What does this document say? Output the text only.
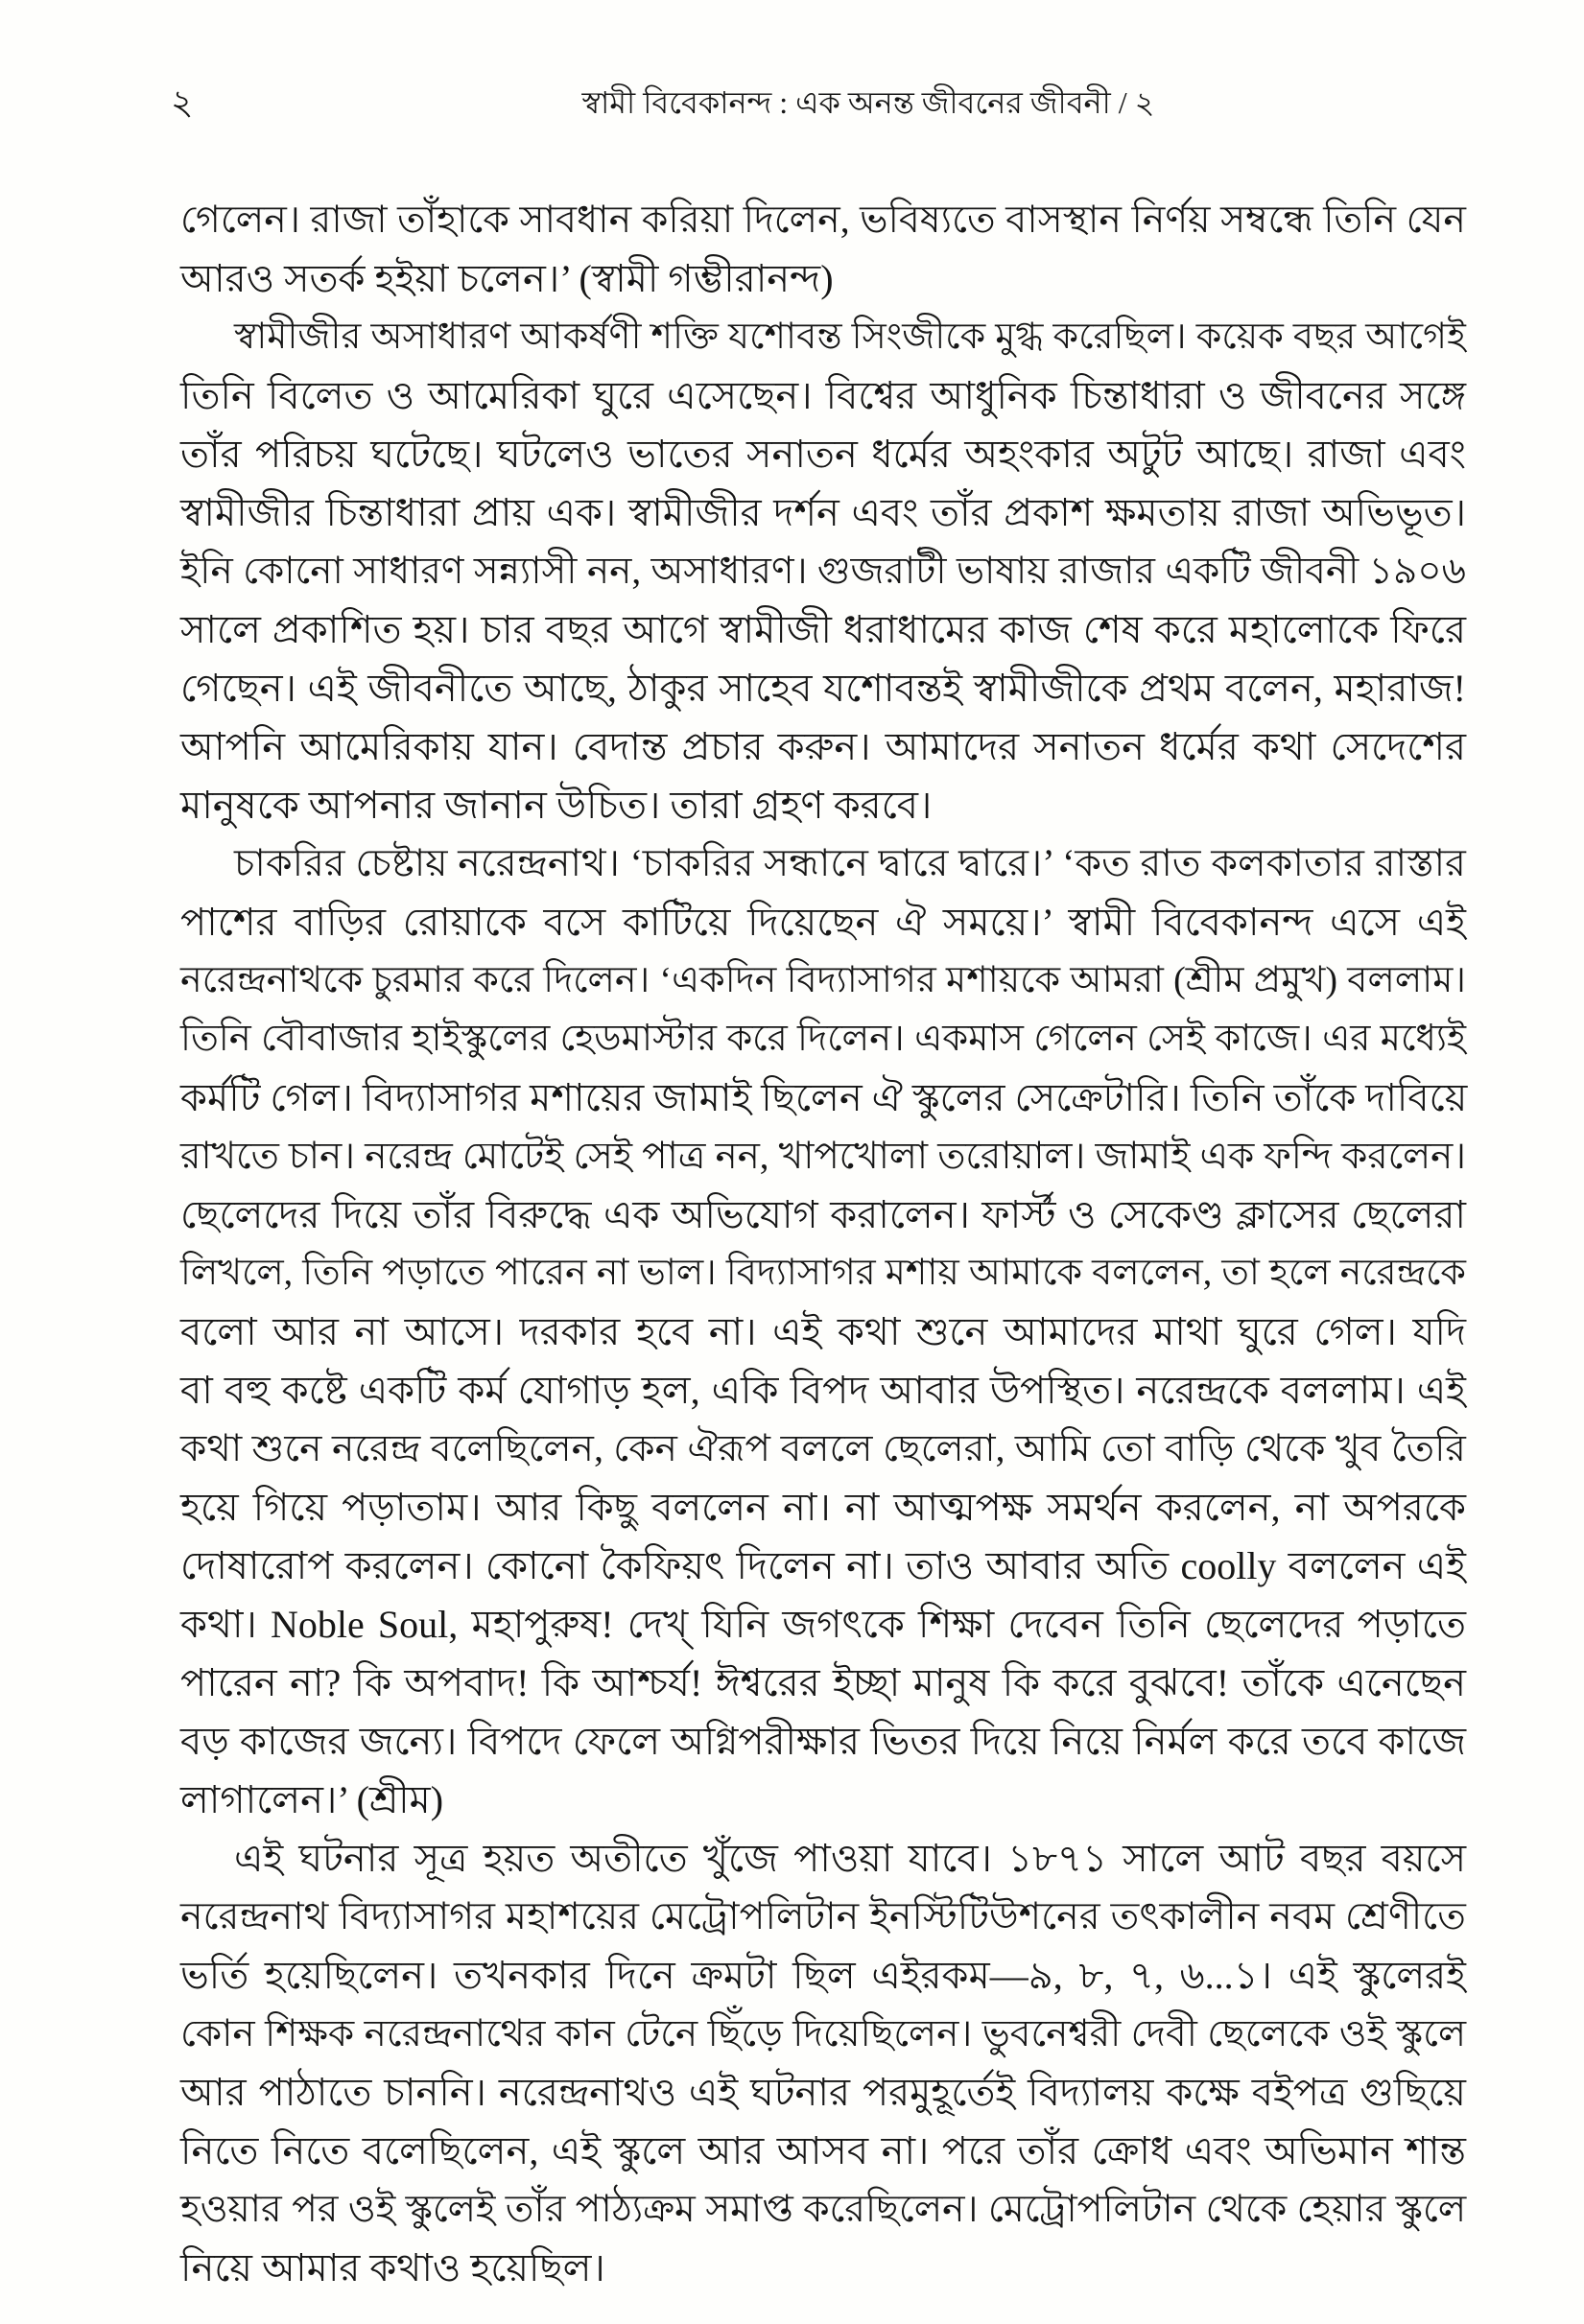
২	স্বামী বিবেকানন্দ : এক অনন্ত জীবনের জীবনী / ২
গেলেন। রাজা তাঁহাকে সাবধান করিয়া দিলেন, ভবিষ্যতে বাসস্থান নির্ণয় সম্বন্ধে তিনি যেন
আরও সতর্ক হইয়া চলেন।’ (স্বামী গম্ভীরানন্দ)
স্বামীজীর অসাধারণ আকর্ষণী শক্তি যশোবন্ত সিংজীকে মুগ্ধ করেছিল। কয়েক বছর আগেই
তিনি বিলেত ও আমেরিকা ঘুরে এসেছেন। বিশ্বের আধুনিক চিন্তাধারা ও জীবনের সঙ্গে
তাঁর পরিচয় ঘটেছে। ঘটলেও ভাতের সনাতন ধর্মের অহংকার অটুট আছে। রাজা এবং
স্বামীজীর চিন্তাধারা প্রায় এক। স্বামীজীর দর্শন এবং তাঁর প্রকাশ ক্ষমতায় রাজা অভিভূত।
ইনি কোনো সাধারণ সন্ন্যাসী নন, অসাধারণ। গুজরাটী ভাষায় রাজার একটি জীবনী ১৯০৬
সালে প্রকাশিত হয়। চার বছর আগে স্বামীজী ধরাধামের কাজ শেষ করে মহালোকে ফিরে
গেছেন। এই জীবনীতে আছে, ঠাকুর সাহেব যশোবন্তই স্বামীজীকে প্রথম বলেন, মহারাজ!
আপনি আমেরিকায় যান। বেদান্ত প্রচার করুন। আমাদের সনাতন ধর্মের কথা সেদেশের
মানুষকে আপনার জানান উচিত। তারা গ্রহণ করবে।
চাকরির চেষ্টায় নরেন্দ্রনাথ। ‘চাকরির সন্ধানে দ্বারে দ্বারে।’ ‘কত রাত কলকাতার রাস্তার
পাশের বাড়ির রোয়াকে বসে কাটিয়ে দিয়েছেন ঐ সময়ে।’ স্বামী বিবেকানন্দ এসে এই
নরেন্দ্রনাথকে চুরমার করে দিলেন। ‘একদিন বিদ্যাসাগর মশায়কে আমরা (শ্রীম প্রমুখ) বললাম।
তিনি বৌবাজার হাইস্কুলের হেডমাস্টার করে দিলেন। একমাস গেলেন সেই কাজে। এর মধ্যেই
কর্মটি গেল। বিদ্যাসাগর মশায়ের জামাই ছিলেন ঐ স্কুলের সেক্রেটারি। তিনি তাঁকে দাবিয়ে
রাখতে চান। নরেন্দ্র মোটেই সেই পাত্র নন, খাপখোলা তরোয়াল। জামাই এক ফন্দি করলেন।
ছেলেদের দিয়ে তাঁর বিরুদ্ধে এক অভিযোগ করালেন। ফার্স্ট ও সেকেণ্ড ক্লাসের ছেলেরা
লিখলে, তিনি পড়াতে পারেন না ভাল। বিদ্যাসাগর মশায় আমাকে বললেন, তা হলে নরেন্দ্রকে
বলো আর না আসে। দরকার হবে না। এই কথা শুনে আমাদের মাথা ঘুরে গেল। যদি
বা বহু কষ্টে একটি কর্ম যোগাড় হল, একি বিপদ আবার উপস্থিত। নরেন্দ্রকে বললাম। এই
কথা শুনে নরেন্দ্র বলেছিলেন, কেন ঐরূপ বললে ছেলেরা, আমি তো বাড়ি থেকে খুব তৈরি
হয়ে গিয়ে পড়াতাম। আর কিছু বললেন না। না আত্মপক্ষ সমর্থন করলেন, না অপরকে
দোষারোপ করলেন। কোনো কৈফিয়ৎ দিলেন না। তাও আবার অতি coolly বললেন এই
কথা। Noble Soul, মহাপুরুষ! দেখ্ যিনি জগৎকে শিক্ষা দেবেন তিনি ছেলেদের পড়াতে
পারেন না? কি অপবাদ! কি আশ্চর্য! ঈশ্বরের ইচ্ছা মানুষ কি করে বুঝবে! তাঁকে এনেছেন
বড় কাজের জন্যে। বিপদে ফেলে অগ্নিপরীক্ষার ভিতর দিয়ে নিয়ে নির্মল করে তবে কাজে
লাগালেন।’ (শ্রীম)
এই ঘটনার সূত্র হয়ত অতীতে খুঁজে পাওয়া যাবে। ১৮৭১ সালে আট বছর বয়সে
নরেন্দ্রনাথ বিদ্যাসাগর মহাশয়ের মেট্রোপলিটান ইনস্টিটিউশনের তৎকালীন নবম শ্রেণীতে
ভর্তি হয়েছিলেন। তখনকার দিনে ক্রমটা ছিল এইরকম—৯, ৮, ৭, ৬...১। এই স্কুলেরই
কোন শিক্ষক নরেন্দ্রনাথের কান টেনে ছিঁড়ে দিয়েছিলেন। ভুবনেশ্বরী দেবী ছেলেকে ওই স্কুলে
আর পাঠাতে চাননি। নরেন্দ্রনাথও এই ঘটনার পরমুহূর্তেই বিদ্যালয় কক্ষে বইপত্র গুছিয়ে
নিতে নিতে বলেছিলেন, এই স্কুলে আর আসব না। পরে তাঁর ক্রোধ এবং অভিমান শান্ত
হওয়ার পর ওই স্কুলেই তাঁর পাঠ্যক্রম সমাপ্ত করেছিলেন। মেট্রোপলিটান থেকে হেয়ার স্কুলে
নিয়ে আমার কথাও হয়েছিল।
